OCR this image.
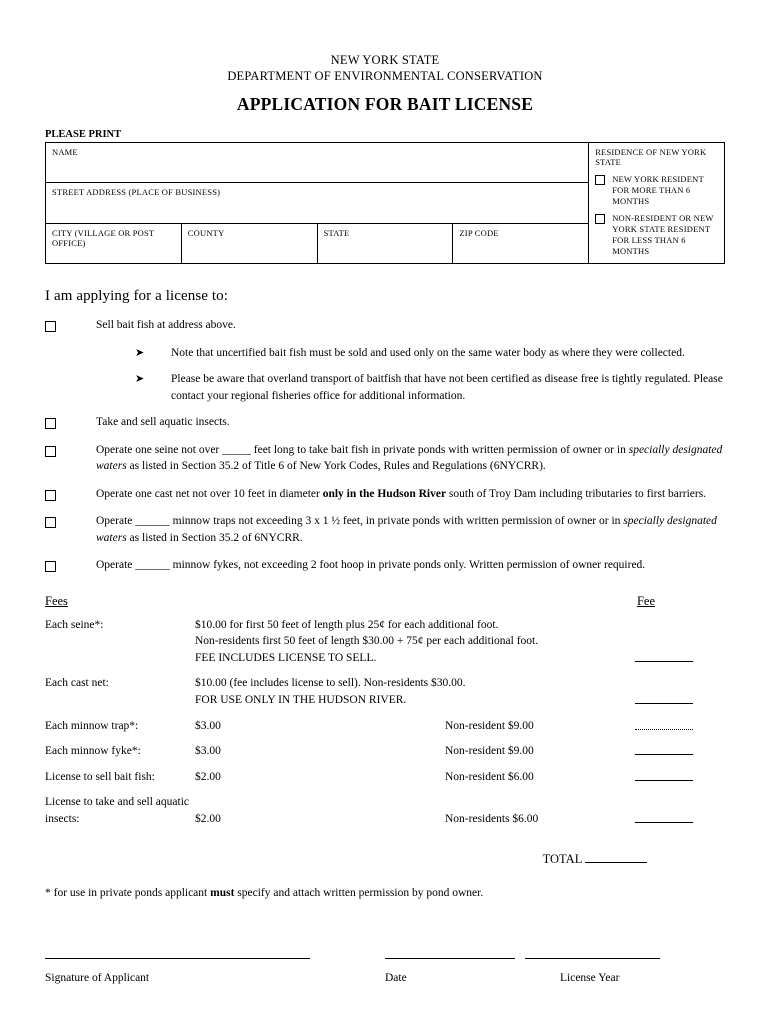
NEW YORK STATE
DEPARTMENT OF ENVIRONMENTAL CONSERVATION
APPLICATION FOR BAIT LICENSE
PLEASE PRINT
NAME				RESIDENCE OF NEW YORK STATE
NEW YORK RESIDENT FOR MORE THAN 6 MONTHS
NON-RESIDENT OR NEW YORK STATE RESIDENT FOR LESS THAN 6 MONTHS

STREET ADDRESS (PLACE OF BUSINESS)				
CITY (VILLAGE OR POST OFFICE)	COUNTY	STATE	ZIP CODE	
I am applying for a license to:
Sell bait fish at address above.
➤	Note that uncertified bait fish must be sold and used only on the same water body as where they were collected.
➤	Please be aware that overland transport of baitfish that have not been certified as disease free is tightly regulated. Please contact your regional fisheries office for additional information.
Take and sell aquatic insects.
Operate one seine not over _____ feet long to take bait fish in private ponds with written permission of owner or in specially designated waters as listed in Section 35.2 of Title 6 of New York Codes, Rules and Regulations (6NYCRR).
Operate one cast net not over 10 feet in diameter only in the Hudson River south of Troy Dam including tributaries to first barriers.
Operate ______ minnow traps not exceeding 3 x 1 ½ feet, in private ponds with written permission of owner or in specially designated waters as listed in Section 35.2 of 6NYCRR.
Operate ______ minnow fykes, not exceeding 2 foot hoop in private ponds only. Written permission of owner required.
Fees	Fee
Each seine*:	$10.00 for first 50 feet of length plus 25¢ for each additional foot.
Non-residents first 50 feet of length $30.00 + 75¢ per each additional foot.
FEE INCLUDES LICENSE TO SELL.		

Each cast net:	$10.00 (fee includes license to sell). Non-residents $30.00.
FOR USE ONLY IN THE HUDSON RIVER.		

Each minnow trap*:	$3.00	Non-resident $9.00	
Each minnow fyke*:	$3.00	Non-resident $9.00	
License to sell bait fish:	$2.00	Non-resident $6.00	
License to take and sell aquatic insects:	$2.00	Non-residents $6.00	

TOTAL
* for use in private ponds applicant must specify and attach written permission by pond owner.
Signature of Applicant	Date	License Year
